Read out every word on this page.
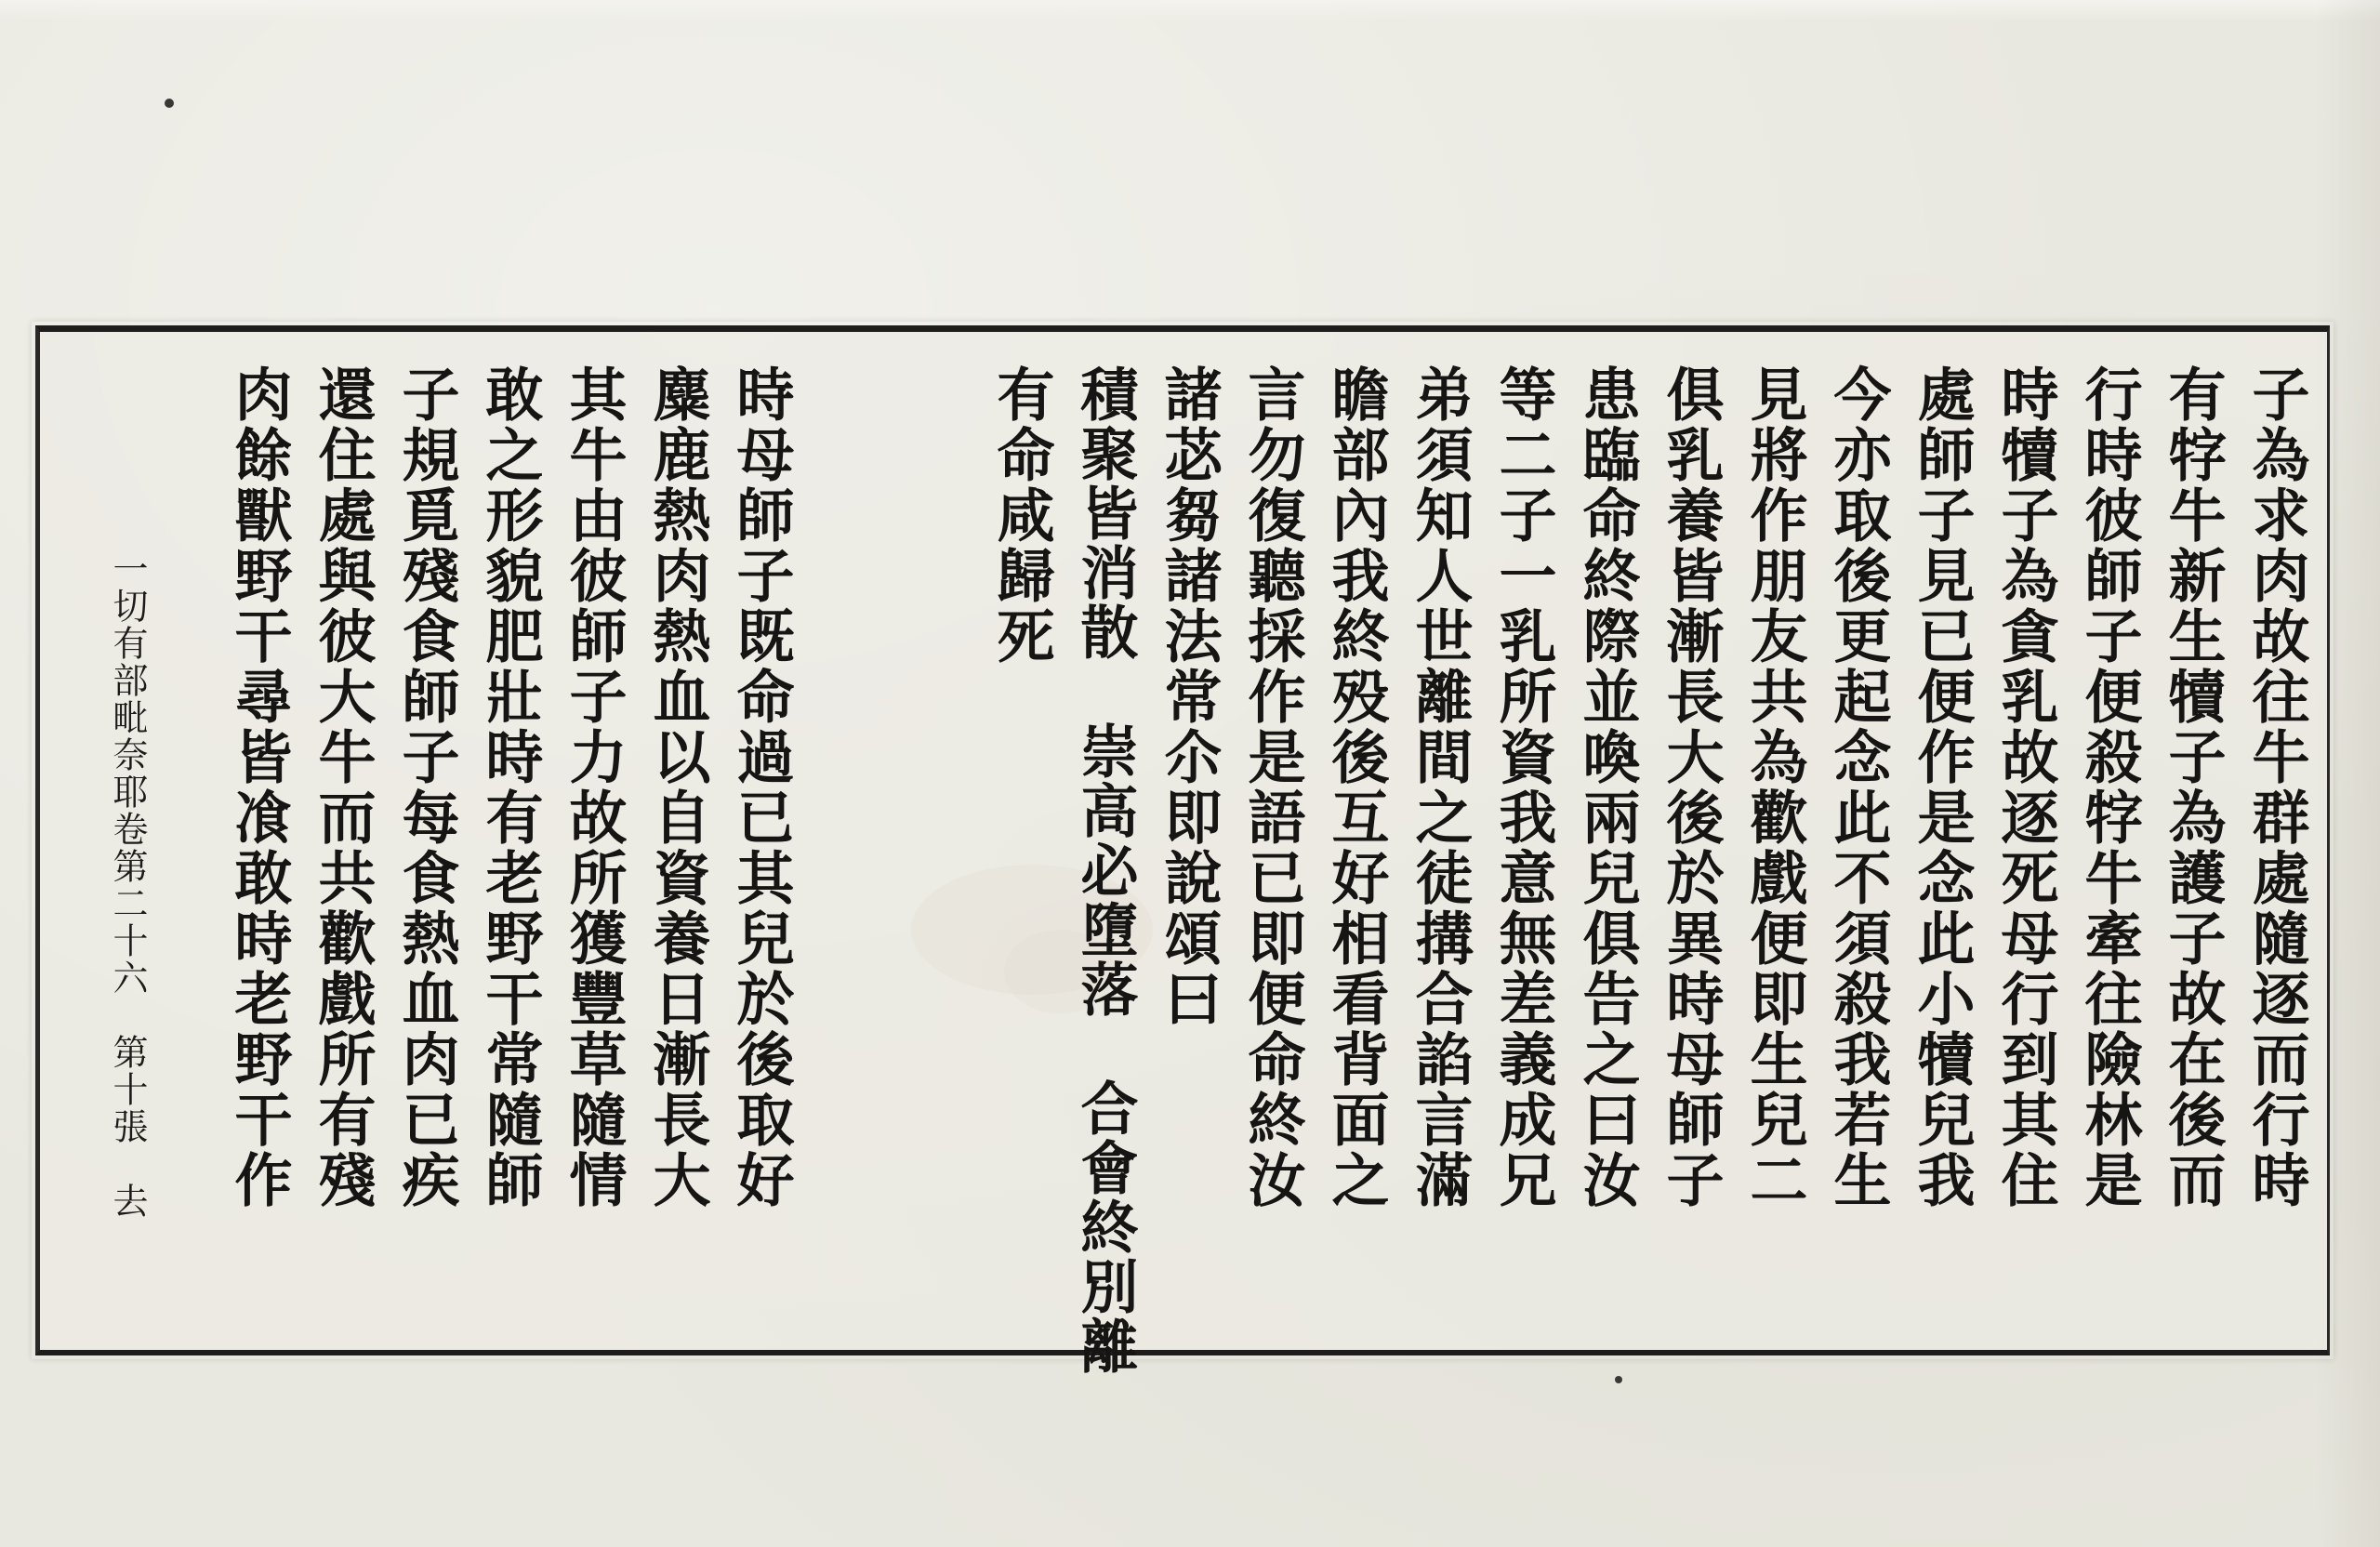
子為求肉故往牛群處隨逐而行時
有牸牛新生犢子為護子故在後而
行時彼師子便殺牸牛牽往險林是
時犢子為貪乳故逐死母行到其住
處師子見已便作是念此小犢兒我
今亦取後更起念此不須殺我若生
見將作朋友共為歡戲便即生兒二
俱乳養皆漸長大後於異時母師子
患臨命終際並喚兩兒俱告之曰汝
等二子一乳所資我意無差義成兄
弟須知人世離間之徒搆合諂言滿
瞻部內我終殁後互好相看背面之
言勿復聽採作是語已即便命終汝
諸苾芻諸法常尒即說頌曰
積聚皆消散　崇高必墮落　合會終別離
有命咸歸死
時母師子既命過已其兒於後取好
麋鹿熱肉熱血以自資養日漸長大
其牛由彼師子力故所獲豐草隨情
敢之形貌肥壯時有老野干常隨師
子規覓殘食師子每食熱血肉已疾
還住處與彼大牛而共歡戲所有殘
肉餘獸野干尋皆飡敢時老野干作
一切有部毗奈耶卷第二十六　第十張　去
